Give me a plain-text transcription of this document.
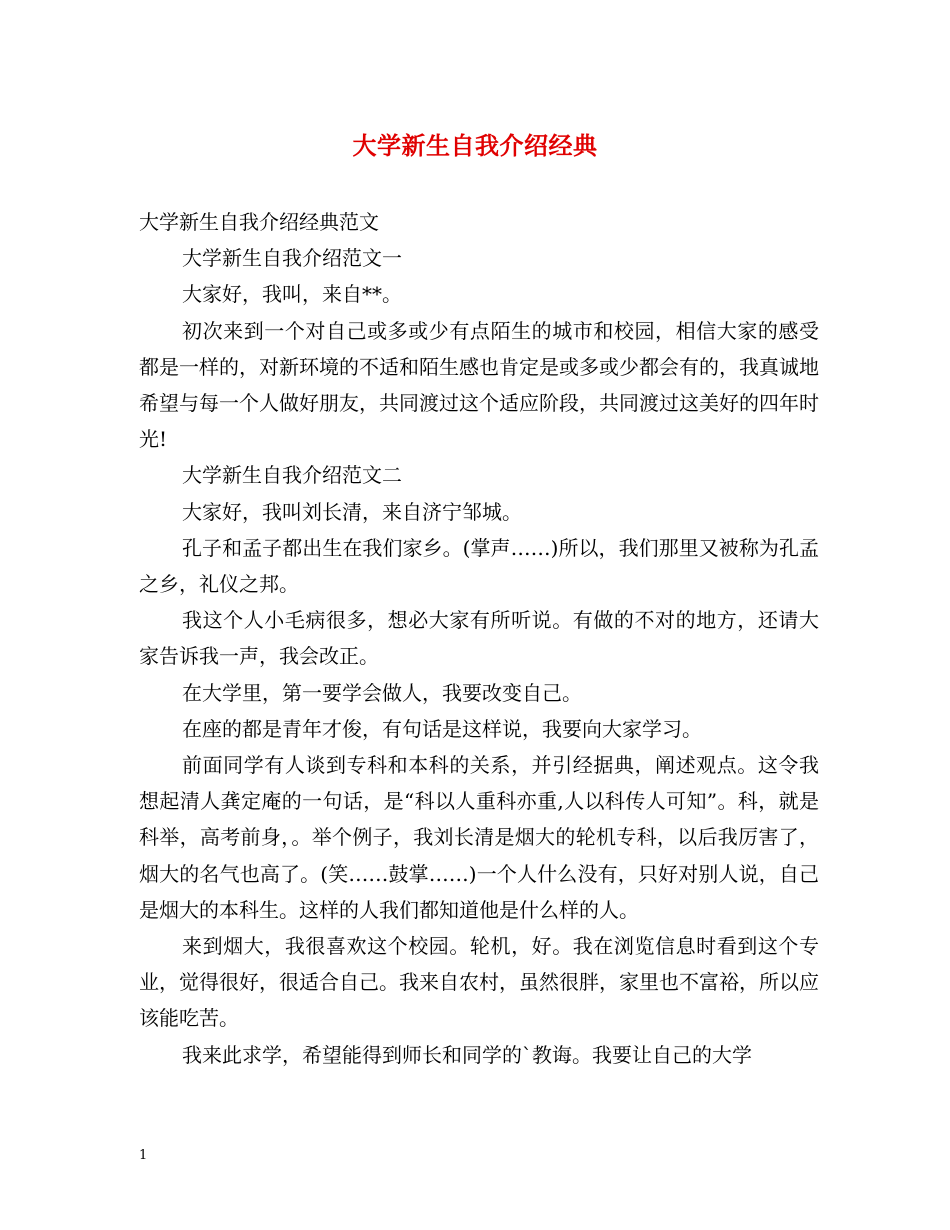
大学新生自我介绍经典

大学新生自我介绍经典范文

大学新生自我介绍范文一

大家好，我叫，来自**。

初次来到一个对自己或多或少有点陌生的城市和校园，相信大家的感受都是一样的，对新环境的不适和陌生感也肯定是或多或少都会有的，我真诚地希望与每一个人做好朋友，共同渡过这个适应阶段，共同渡过这美好的四年时光!

大学新生自我介绍范文二

大家好，我叫刘长清，来自济宁邹城。

孔子和孟子都出生在我们家乡。(掌声……)所以，我们那里又被称为孔孟之乡，礼仪之邦。

我这个人小毛病很多，想必大家有所听说。有做的不对的地方，还请大家告诉我一声，我会改正。

在大学里，第一要学会做人，我要改变自己。

在座的都是青年才俊，有句话是这样说，我要向大家学习。

前面同学有人谈到专科和本科的关系，并引经据典，阐述观点。这令我想起清人龚定庵的一句话，是“科以人重科亦重,人以科传人可知”。科，就是科举，高考前身，。举个例子，我刘长清是烟大的轮机专科，以后我厉害了，烟大的名气也高了。(笑……鼓掌……)一个人什么没有，只好对别人说，自己是烟大的本科生。这样的人我们都知道他是什么样的人。

来到烟大，我很喜欢这个校园。轮机，好。我在浏览信息时看到这个专业，觉得很好，很适合自己。我来自农村，虽然很胖，家里也不富裕，所以应该能吃苦。

我来此求学，希望能得到师长和同学的`教诲。我要让自己的大学

1
